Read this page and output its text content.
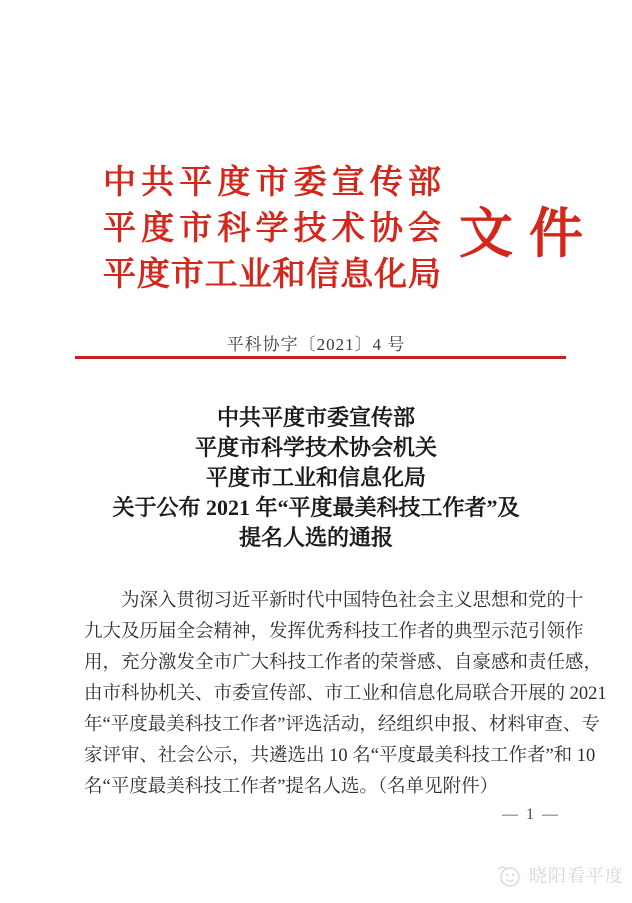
中共平度市委宣传部
平度市科学技术协会
平度市工业和信息化局
文件
平科协字〔2021〕4 号
中共平度市委宣传部
平度市科学技术协会机关
平度市工业和信息化局
关于公布 2021 年“平度最美科技工作者”及
提名人选的通报
为深入贯彻习近平新时代中国特色社会主义思想和党的十
九大及历届全会精神，发挥优秀科技工作者的典型示范引领作
用，充分激发全市广大科技工作者的荣誉感、自豪感和责任感，
由市科协机关、市委宣传部、市工业和信息化局联合开展的 2021
年“平度最美科技工作者”评选活动，经组织申报、材料审查、专
家评审、社会公示，共遴选出 10 名“平度最美科技工作者”和 10
名“平度最美科技工作者”提名人选。（名单见附件）
— 1 —
晓阳看平度
